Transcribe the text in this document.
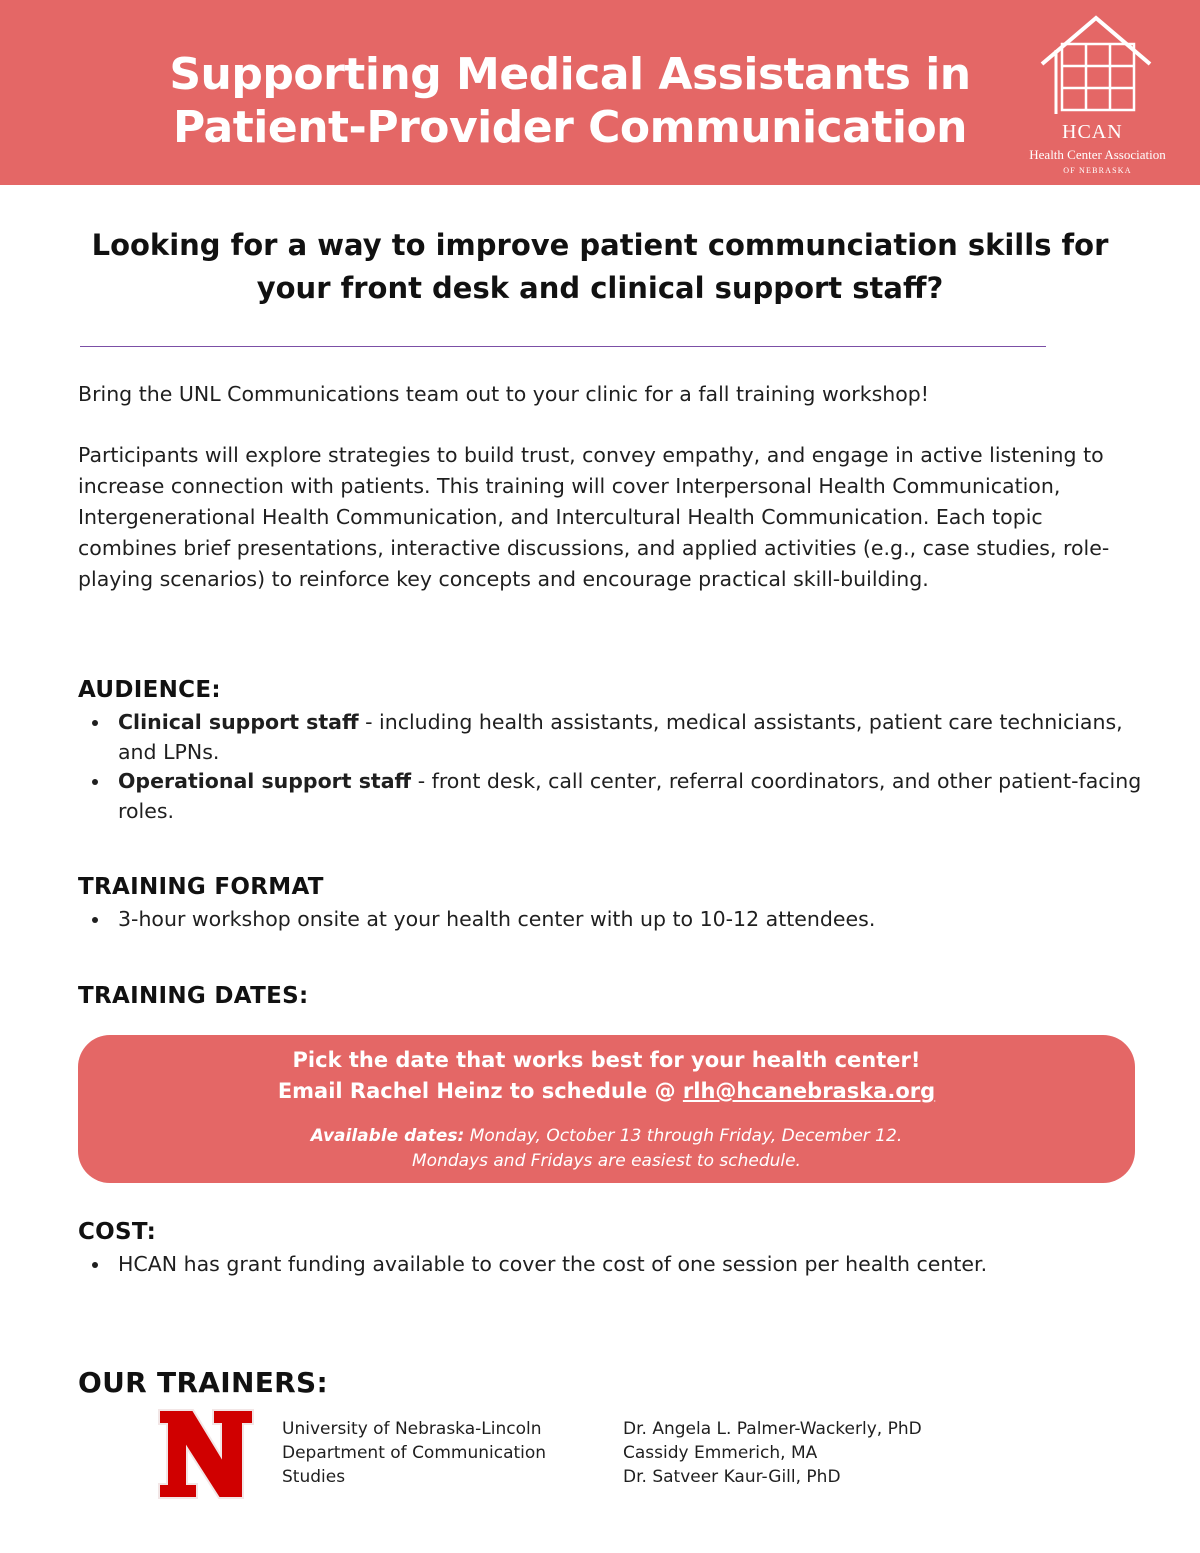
Supporting Medical Assistants in
Patient-Provider Communication	HCAN
Health Center Association
OF NEBRASKA
Looking for a way to improve patient communciation skills for
your front desk and clinical support staff?
Bring the UNL Communications team out to your clinic for a fall training workshop!
Participants will explore strategies to build trust, convey empathy, and engage in active listening to increase connection with patients. This training will cover Interpersonal Health Communication, Intergenerational Health Communication, and Intercultural Health Communication. Each topic combines brief presentations, interactive discussions, and applied activities (e.g., case studies, role-playing scenarios) to reinforce key concepts and encourage practical skill-building.
AUDIENCE:
Clinical support staff - including health assistants, medical assistants, patient care technicians, and LPNs.
Operational support staff - front desk, call center, referral coordinators, and other patient-facing roles.
TRAINING FORMAT
3-hour workshop onsite at your health center with up to 10-12 attendees.
TRAINING DATES:
Pick the date that works best for your health center!
Email Rachel Heinz to schedule @ rlh@hcanebraska.org
Available dates: Monday, October 13 through Friday, December 12.
Mondays and Fridays are easiest to schedule.
COST:
HCAN has grant funding available to cover the cost of one session per health center.
OUR TRAINERS:
University of Nebraska-Lincoln
Department of Communication
Studies
Dr. Angela L. Palmer-Wackerly, PhD
Cassidy Emmerich, MA
Dr. Satveer Kaur-Gill, PhD
